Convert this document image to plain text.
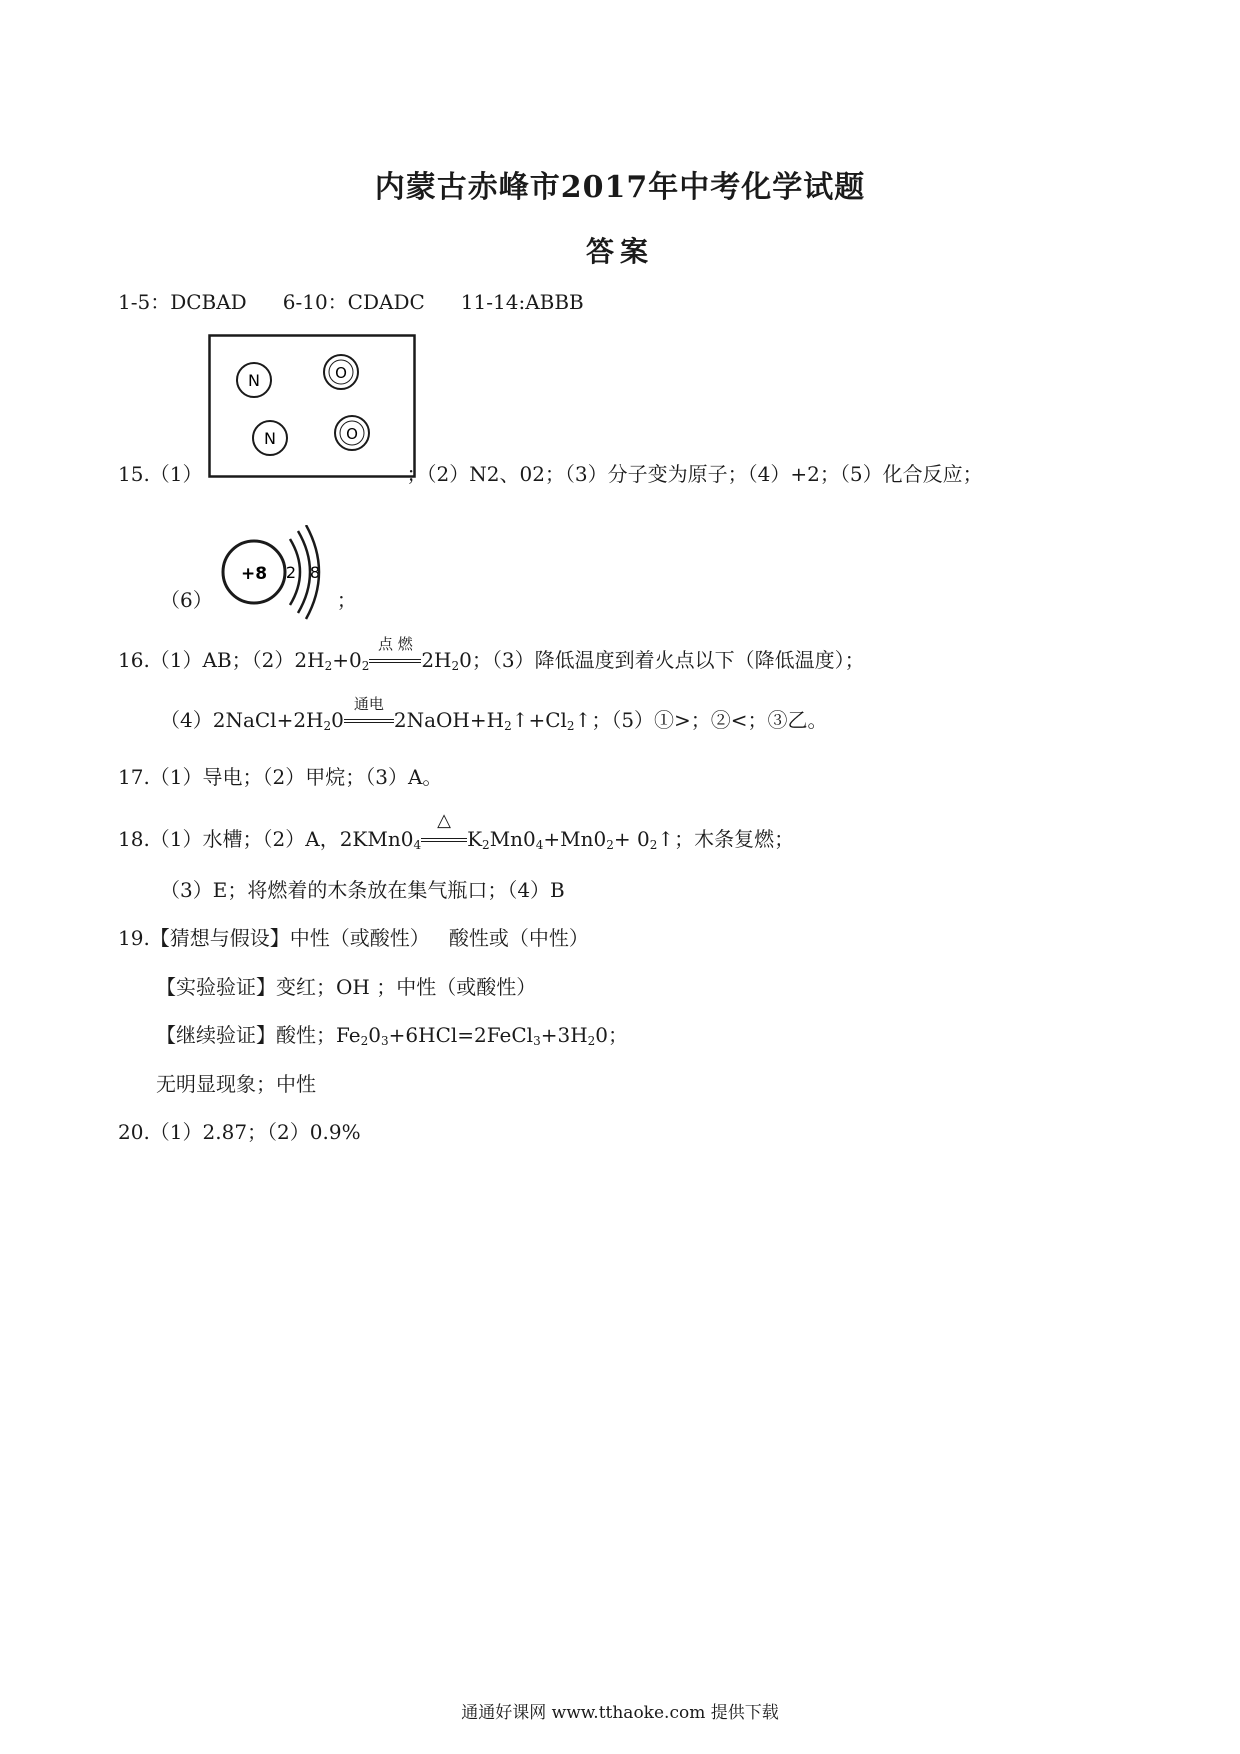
内蒙古赤峰市2017年中考化学试题
答案
1-5：DCBAD 6-10：CDADC 11-14:ABBB
N	O
N	O
15.（1）	；（2）N2、02；（3）分子变为原子；（4）+2；（5）化合反应；
+8 2 8
（6）	；
16.（1）AB；$(2)2H_2+0_2$
点 燃
$2H_20$；（3）降低温度到着火点以下（降低温度）；
$(4)2NaCl+2H_20$
通电
$2NaOH+H_2↑+Cl_2↑$；（5）①>；②<；③乙。
17.（1）导电；（2）甲烷；（3）A。
18.（1）水槽；（2）A，$2KMn0_4$
△
$K_2Mn0_4+Mn0_2+$ $0_2↑$；木条复燃；
（3）E；将燃着的木条放在集气瓶口；（4）B
19.【猜想与假设】中性（或酸性）   酸性或（中性）
【实验验证】变红；OH ；中性（或酸性）
【继续验证】酸性；$Fe_20_3+6HCl=2FeCl_3+3H_20$；
无明显现象；中性
20.（1）2.87；（2）0.9%
通通好课网 www.tthaoke.com 提供下载
